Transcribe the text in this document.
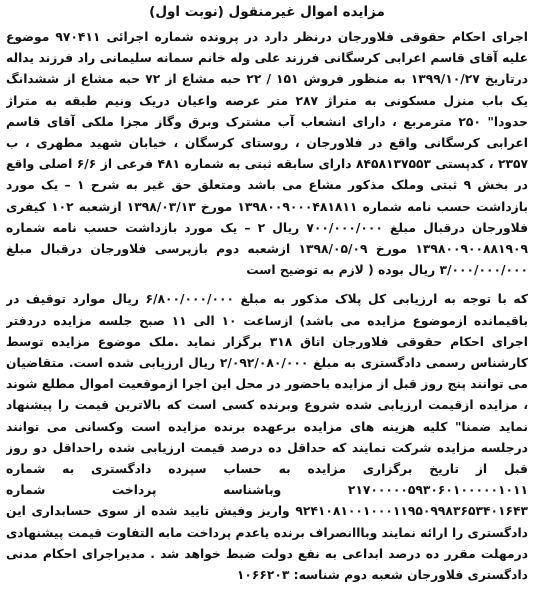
مزایده اموال غیرمنقول (نوبت اول)

اجرای احکام حقوقی فلاورجان درنظر دارد در پرونده شماره اجرائی ۹۷۰۴۱۱ موضوع علیه آقای قاسم اعرابی کرسگانی فرزند علی وله خانم سمانه سلیمانی راد فرزند یداله درتاریخ ۱۳۹۹/۱۰/۲۷ به منظور فروش ۱۵۱ / ۲۲ حبه مشاع از ۷۲ حبه مشاع از ششدانگ یک باب منزل مسکونی به متراژ ۲۸۷ متر عرصه واعیان دریک ونیم طبقه به متراژ حدودا" ۲۵۰ مترمربع ، دارای انشعاب آب مشترک وبرق وگاز مجزا ملکی آقای قاسم اعرابی کرسگانی واقع در فلاورجان ، روستای کرسگان ، خیابان شهید مطهری ، ب ۲۳۵۷ ، کدپستی ۸۴۵۸۱۳۷۵۵۳ دارای سابقه ثبتی به شماره ۴۸۱ فرعی از ۶/۶ اصلی واقع در بخش ۹ ثبتی وملک مذکور مشاع می باشد ومتعلق حق غیر به شرح ۱ – یک مورد بازداشت حسب نامه شماره ۱۳۹۸۰۰۹۰۰۰۴۸۱۸۱۱ مورخ ۱۳۹۸/۰۳/۱۳ ازشعبه ۱۰۲ کیفری فلاورجان درقبال مبلغ ۷۰۰/۰۰۰/۰۰۰ ریال ۲ – یک مورد بازداشت حسب نامه شماره ۱۳۹۸۰۰۹۰۰۸۸۱۹۰۹ مورخ ۱۳۹۸/۰۵/۰۹ ازشعبه دوم بازپرسی فلاورجان درقبال مبلغ ۳/۰۰۰/۰۰۰/۰۰۰ ریال بوده ( لازم به توضیح است

که با توجه به ارزیابی کل پلاک مذکور به مبلغ ۶/۸۰۰/۰۰۰/۰۰۰ ریال موارد توقیف در باقیمانده ازموضوع مزایده می باشد) ازساعت ۱۰ الی ۱۱ صبح جلسه مزایده دردفتر اجرای احکام حقوقی فلاورجان اتاق ۳۱۸ برگزار نماید .ملک موضوع مزایده توسط کارشناس رسمی دادگستری به مبلغ ۲/۰۹۲/۰۸۰/۰۰۰ ریال ارزیابی شده است. متقاضیان می توانند پنج روز قبل از مزایده باحضور در محل این اجرا ازموقعیت اموال مطلع شوند ، مزایده ازقیمت ارزیابی شده شروع وبرنده کسی است که بالاترین قیمت را پیشنهاد نماید ضمنا" کلیه هزینه های مزایده برعهده برنده مزایده است وکسانی می توانند درجلسه مزایده شرکت نمایند که حداقل ده درصد قیمت ارزیابی شده راحداقل دو روز قبل از تاریخ برگزاری مزایده به حساب سپرده دادگستری به شماره ۲۱۷۰۰۰۰۰۵۹۳۰۶۰۱۰۰۰۰۰۱۰۱۱ وباشناسه پرداخت شماره ۹۲۴۱۰۸۱۰۰۱۰۰۰۱۱۹۵۰۹۹۸۳۶۵۳۴۰۱۶۴۳ واریز وفیش تایید شده از سوی حسابداری این دادگستری را ارائه نمایند وبااانصراف برنده یاعدم پرداخت مابه التفاوت قیمت پیشنهادی درمهلت مقرر ده درصد ابداعی به نفع دولت ضبط خواهد شد . مدیراجرای احکام مدنی دادگستری فلاورجان شعبه دوم شناسه: ۱۰۶۶۲۰۳
